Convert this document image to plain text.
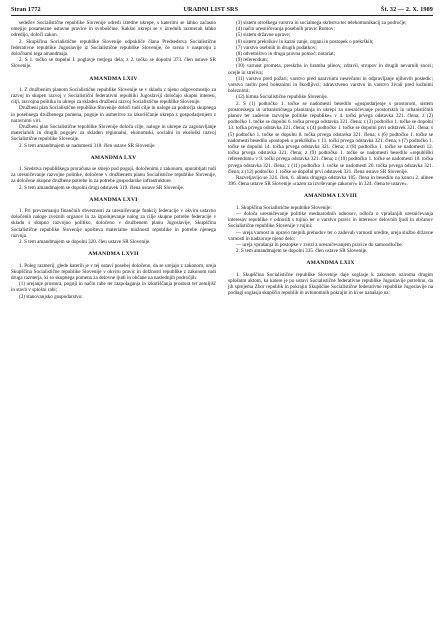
Stran 1772	URADNI LIST SRS	Št. 32 — 2. X. 1989

sedežev Socialistične republike Slovenije odredi izredne ukrepe, s katerimi se lahko začasno omejijo posamezne ustavne pravice in svoboščine. Kakšni ukrepi se v izrednih razmerah lahko odredijo, določi zakon.

2. Skupščina Socialistične republike Slovenije odpokliče člana Predsedstva Socialistične federativne republike Jugoslavije iz Socialistične republike Slovenije, če ravna v nasprotju z določbami tega amandmaja.

2. S 1. točko se dopolni I. poglavje tretjega dela; z 2. točko se dopolni 373. člen ustave SR Slovenije.

AMANDMA LXIV

1. Z družbenim planom Socialistične republike Slovenije se v skladu z njeno odgovornostjo za razvoj in skupen razvoj v Socialistični federativni republiki Jugoslaviji določajo skupni interesi, cilji, razvojna politika in ukrepi za skladen družbeni razvoj Socialistične republike Slovenije.

Družbeni plan Socialistične republike Slovenije določi tudi cilje in naloge za področja skupnega in posebnega družbenega pomena, pogoje in usmeritve za izkoriščanje ukrepa z gospodarjenjem z naravnimi viri.

Družbeni plan Socialistične republike Slovenije določa cilje, naloge in ukrepe za zagotavljanje materialnih in drugih pogojev za skladen regionalni, ekonomski, socialni in ekološki razvoj Socialistične republike Slovenije.

2. S tem amandmajem se nadomesti 318. člen ustave SR Slovenije.

AMANDMA LXV

1. Sredstva republiškega proračuna se smejo pod pogoji, določenimi z zakonom, uporabljati tudi za uresničevanje razvojne politike, določene v družbenem planu Socialistične republike Slovenije, za določene skupne družbene potrebe in za potrebe gospodarske infrastrukture.

2. S tem amandmajem se dopolni drugi odstavek 319. člena ustave SR Slovenije.

AMANDMA LXVI

1. Pri prevzemanju finančnih obveznosti za uresničevanje funkcij federacije v okviru ustavno določenih naloge zveznih organov in za izpolnjevanje nalog za cilje skupne potrebe federacije v skladu s skupno razvojno politiko, določeno v družbenem planu Jugoslavije, Skupščina Socialistične republike Slovenije upošteva materialne možnosti republike in potrebe njenega razvoja.

2. S tem amandmajem se dopolni 320. člen ustave SR Slovenije.

AMANDMA LXVII

1. Poleg razmerij, glede katerih je v tej ustavi posebej določeno, da se urejajo z zakonom, ureja Skupščina Socialistične republike Slovenije v okviru pravic in dolžnosti republike z zakonom tudi druga razmerja, ki so skupnega pomena za delovne ljudi in občane na naslednjih področjih:

(1) urejanje prostora, pogoji in način rabe ter razpolaganja in izkoriščanja prostora ter zemljišč in stavb v splošni rabi;

(2) stanovanjsko gospodarstvo;

(3) sistem otroškega varstva in socialnega skrbstva ter telekomunikacij za področje;

(4) način uresničevanja posebnih pravic Romov;

(5) sistem državne uprave;

(6) sistem prekrškov in kazni zanje, organi in postopek o prekrških;

(7) varstvo osebnih in drugih podatkov;

(8) odvetništvo in druga pravna pomoč; notariat;

(9) referendum;

(10) varnost prometa, preskrba in hramba plinov, zdravil, strupov in drugih nevarnih snovi; ocejle in streliva;

(11) varstvo pred požari; varstvo pred naravnimi nesrečami in odpravljanje njihovih posledic; varstvo raslin pred boleznimi in škodljivci; zdravstveno varstvo in varstvo živali pred kužnimi boleznimi;

(12) himna Socialistične republike Slovenije.

2. S (1) podtočko 1. točke se nadomesti besedilo »gospodarjenje s prostorom, sistem prostorskega in urbanističnega planiranja in ukrepi za uresničevanje prostorskih in urbanističnih planov ter zadevne razvojne politike republike« v 4. točki prvega odstavka 321. člena; z (2) podtočko 1. točke se dopolni 6. točka prvega odstavka 321. člena; z (3) podtočko 1. točke se dopolni 13. točka prvega odstavka 321. člena; s (4) podtočko 1. točke se dopolni prvi odstavek 321. člena; s (5) podtočko 1. točke se dopolni 8. točka prvega odstavka 321. člena; s (6) podtočko 1. točke se nadomesti besedilo »postopek o prekrških« v 11. točki prvega odstavka 321. člena; s (7) podtočko 1. točke se dopolni 14. točka prvega odstavka 321. člena; z (8) podtočko 1. točke se nadomesti 12. točka prvega odstavka 321. člena; z (9) podtočko 1. točke se nadomesti besedilo »republiški referendum« v 9. točki prvega odstavka 321. člena; z (10) podtočko 1. točke se nadomesti 10. točka prvega odstavka 321. člena; z (11) podtočko 1. točke se nadomesti 20. točka prvega odstavka 321. člena; z (12) podtočko 1. točke se dopolni prvi odstavek 321. člena ustave SR Slovenije.

Razveljavijo se 324. člen, 6. alinea drugega odstavka 185. člena in besedilo na koncu 2. alinee 396. člena ustave SR Slovenije »razen za izvrševanje zakonov« in 324. člena te ustave«.

AMANDMA LXVIII

1. Skupščina Socialistične republike Slovenije:

— določa uresničevanje politike mednarodnih odnosov, odloča o vprašanjih uresničevanja interesov republike v odnosih s tujino ter o varstvu pravic in interesov delovnih ljudi in občanov Socialistične republike Slovenije v tujini;

— ureja varnost in upravo mejnih prehodov ter o zadevah varnosti uredite, ureja službo državne varnosti in nadzoruje njeno delo;

— ureja vprašanja in postopke v zvezi z uresničevanjem pravice do samoodločbe.

2. S tem amandmajem se dopolni 335. člen ustave SR Slovenije.

AMANDMA LXIX

1. Skupščina Socialistične republike Slovenije daje soglasje k zakonom oziroma drugim splošnim aktom, ka katere je po ustavi Socialistične federativne republike Jugoslavije potrebno, da jih sprejema Zbor republik in pokrajin Skupščine Socialistične federativne republike Jugoslavije na podlagi soglasja skupščin republik in avtonomnih pokrajin in ki se nanašajo na:
